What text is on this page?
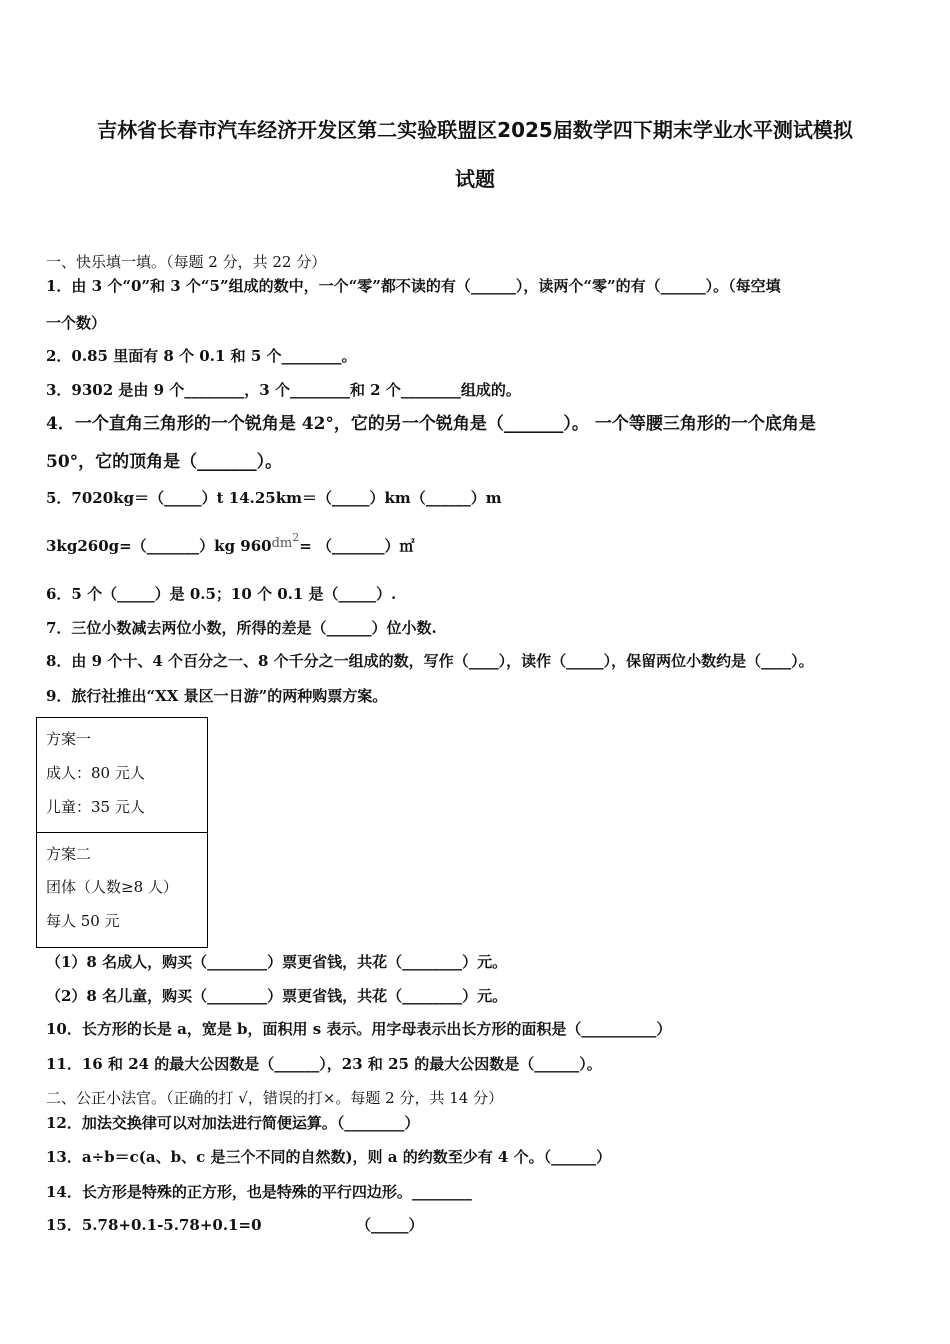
吉林省长春市汽车经济开发区第二实验联盟区2025届数学四下期末学业水平测试模拟
试题
一、快乐填一填。（每题 2 分，共 22 分）
1．由 3 个“0”和 3 个“5”组成的数中，一个“零”都不读的有（______），读两个“零”的有（______）。（每空填
一个数）
2．0.85 里面有 8 个 0.1 和 5 个________。
3．9302 是由 9 个________，3 个________和 2 个________组成的。
4．一个直角三角形的一个锐角是 42°，它的另一个锐角是（_______）。 一个等腰三角形的一个底角是
50°，它的顶角是（_______）。
5．7020kg＝（_____）t 14.25km＝（_____）km（______）m
3kg260g=（_______）kg $960dm^2=$ （_______）㎡
6．5 个（_____）是 0.5；10 个 0.1 是（_____）.
7．三位小数减去两位小数，所得的差是（______）位小数.
8．由 9 个十、4 个百分之一、8 个千分之一组成的数，写作（____），读作（_____），保留两位小数约是（____）。
9．旅行社推出“XX 景区一日游”的两种购票方案。
方案一
成人：80 元人
儿童：35 元人
方案二
团体（人数≥8 人）
每人 50 元
（1）8 名成人，购买（________）票更省钱，共花（________）元。
（2）8 名儿童，购买（________）票更省钱，共花（________）元。
10．长方形的长是 a，宽是 b，面积用 s 表示。用字母表示出长方形的面积是（__________）
11．16 和 24 的最大公因数是（______），23 和 25 的最大公因数是（______）。
二、公正小法官。（正确的打 √，错误的打×。每题 2 分，共 14 分）
12．加法交换律可以对加法进行简便运算。（________）
13．a÷b＝c(a、b、c 是三个不同的自然数)，则 a 的约数至少有 4 个。（______）
14．长方形是特殊的正方形，也是特殊的平行四边形。________
15．5.78+0.1-5.78+0.1=0	（_____）
